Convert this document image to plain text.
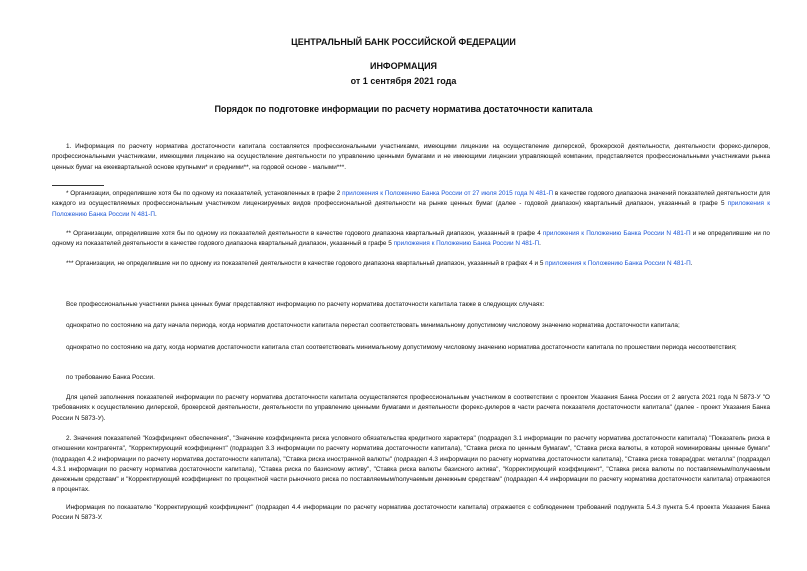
ЦЕНТРАЛЬНЫЙ БАНК РОССИЙСКОЙ ФЕДЕРАЦИИ
ИНФОРМАЦИЯ
от 1 сентября 2021 года
Порядок по подготовке информации по расчету норматива достаточности капитала

1. Информация по расчету норматива достаточности капитала составляется профессиональными участниками, имеющими лицензии на осуществление дилерской, брокерской деятельности, деятельности форекс-дилеров, профессиональными участниками, имеющими лицензию на осуществление деятельности по управлению ценными бумагами и не имеющими лицензии управляющей компании, представляется профессиональными участниками рынка ценных бумаг на ежеквартальной основе крупными* и средними**, на годовой основе - малыми***.

* Организации, определившие хотя бы по одному из показателей, установленных в графе 2 приложения к Положению Банка России от 27 июля 2015 года N 481-П в качестве годового диапазона значений показателей деятельности для каждого из осуществляемых профессиональным участником лицензируемых видов профессиональной деятельности на рынке ценных бумаг (далее - годовой диапазон) квартальный диапазон, указанный в графе 5 приложения к Положению Банка России N 481-П.

** Организации, определившие хотя бы по одному из показателей деятельности в качестве годового диапазона квартальный диапазон, указанный в графе 4 приложения к Положению Банка России N 481-П и не определившие ни по одному из показателей деятельности в качестве годового диапазона квартальный диапазон, указанный в графе 5 приложения к Положению Банка России N 481-П.

*** Организации, не определившие ни по одному из показателей деятельности в качестве годового диапазона квартальный диапазон, указанный в графах 4 и 5 приложения к Положению Банка России N 481-П.

Все профессиональные участники рынка ценных бумаг представляют информацию по расчету норматива достаточности капитала также в следующих случаях:

однократно по состоянию на дату начала периода, когда норматив достаточности капитала перестал соответствовать минимальному допустимому числовому значению норматива достаточности капитала;

однократно по состоянию на дату, когда норматив достаточности капитала стал соответствовать минимальному допустимому числовому значению норматива достаточности капитала по прошествии периода несоответствия;

по требованию Банка России.

Для целей заполнения показателей информации по расчету норматива достаточности капитала осуществляется профессиональным участником в соответствии с проектом Указания Банка России от 2 августа 2021 года N 5873-У "О требованиях к осуществлению дилерской, брокерской деятельности, деятельности по управлению ценными бумагами и деятельности форекс-дилеров в части расчета показателя достаточности капитала" (далее - проект Указания Банка России N 5873-У).

2. Значения показателей "Коэффициент обеспечения", "Значение коэффициента риска условного обязательства кредитного характера" (подраздел 3.1 информации по расчету норматива достаточности капитала) "Показатель риска в отношении контрагента", "Корректирующий коэффициент" (подраздел 3.3 информации по расчету норматива достаточности капитала), "Ставка риска по ценным бумагам", "Ставка риска валюты, в которой номинированы ценные бумаги" (подраздел 4.2 информации по расчету норматива достаточности капитала), "Ставка риска иностранной валюты" (подраздел 4.3 информации по расчету норматива достаточности капитала), "Ставка риска товара(драг. металла" (подраздел 4.3.1 информации по расчету норматива достаточности капитала), "Ставка риска по базисному активу", "Ставка риска валюты базисного актива", "Корректирующий коэффициент", "Ставка риска валюты по поставляемым/получаемым денежным средствам" и "Корректирующий коэффициент по процентной части рыночного риска по поставляемым/получаемым денежным средствам" (подраздел 4.4 информации по расчету норматива достаточности капитала) отражаются в процентах.

Информация по показателю "Корректирующий коэффициент" (подраздел 4.4 информации по расчету норматива достаточности капитала) отражается с соблюдением требований подпункта 5.4.3 пункта 5.4 проекта Указания Банка России N 5873-У.
